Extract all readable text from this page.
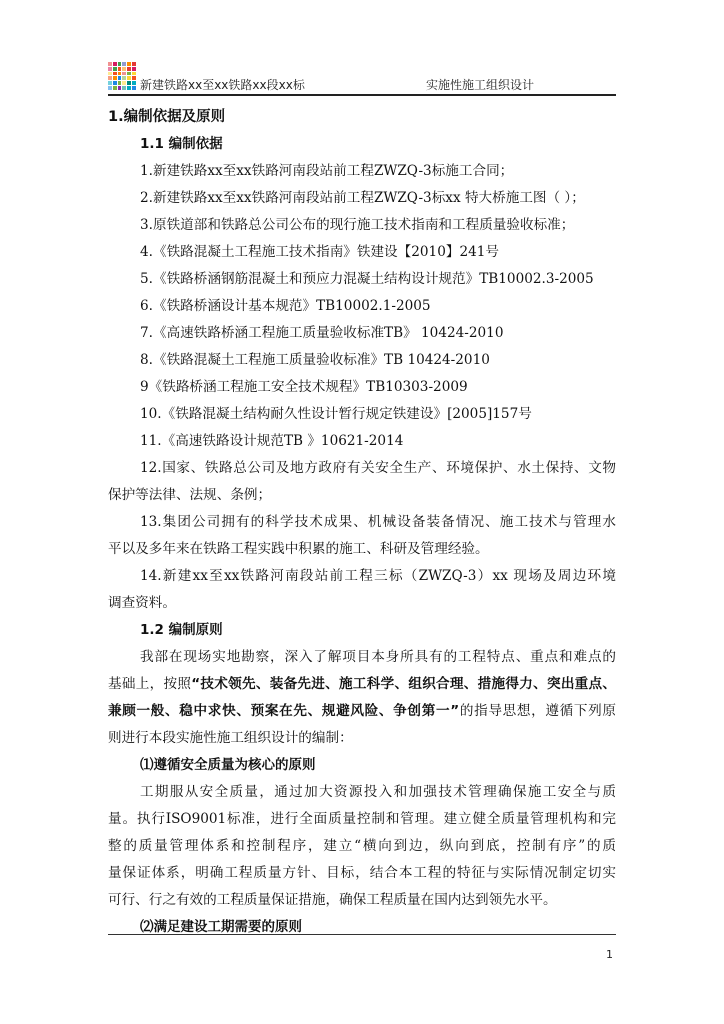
新建铁路xx至xx铁路xx段xx标	实施性施工组织设计
1.编制依据及原则
1.1 编制依据
1.新建铁路xx至xx铁路河南段站前工程ZWZQ-3标施工合同；
2.新建铁路xx至xx铁路河南段站前工程ZWZQ-3标xx 特大桥施工图（ ）；
3.原铁道部和铁路总公司公布的现行施工技术指南和工程质量验收标准；
4.《铁路混凝土工程施工技术指南》铁建设【2010】241号
5.《铁路桥涵钢筋混凝土和预应力混凝土结构设计规范》TB10002.3-2005
6.《铁路桥涵设计基本规范》TB10002.1-2005
7.《高速铁路桥涵工程施工质量验收标准TB》 10424-2010
8.《铁路混凝土工程施工质量验收标准》TB 10424-2010
9《铁路桥涵工程施工安全技术规程》TB10303-2009
10.《铁路混凝土结构耐久性设计暂行规定铁建设》[2005]157号
11.《高速铁路设计规范TB 》10621-2014
12.国家、铁路总公司及地方政府有关安全生产、环境保护、水土保持、文物
保护等法律、法规、条例；
13.集团公司拥有的科学技术成果、机械设备装备情况、施工技术与管理水
平以及多年来在铁路工程实践中积累的施工、科研及管理经验。
14.新建xx至xx铁路河南段站前工程三标（ZWZQ-3）xx 现场及周边环境
调查资料。
1.2 编制原则
我部在现场实地勘察，深入了解项目本身所具有的工程特点、重点和难点的
基础上，按照“技术领先、装备先进、施工科学、组织合理、措施得力、突出重点、
兼顾一般、稳中求快、预案在先、规避风险、争创第一”的指导思想，遵循下列原
则进行本段实施性施工组织设计的编制：
⑴遵循安全质量为核心的原则
工期服从安全质量，通过加大资源投入和加强技术管理确保施工安全与质
量。执行ISO9001标准，进行全面质量控制和管理。建立健全质量管理机构和完
整的质量管理体系和控制程序，建立“横向到边，纵向到底，控制有序”的质
量保证体系，明确工程质量方针、目标，结合本工程的特征与实际情况制定切实
可行、行之有效的工程质量保证措施，确保工程质量在国内达到领先水平。
⑵满足建设工期需要的原则
1
